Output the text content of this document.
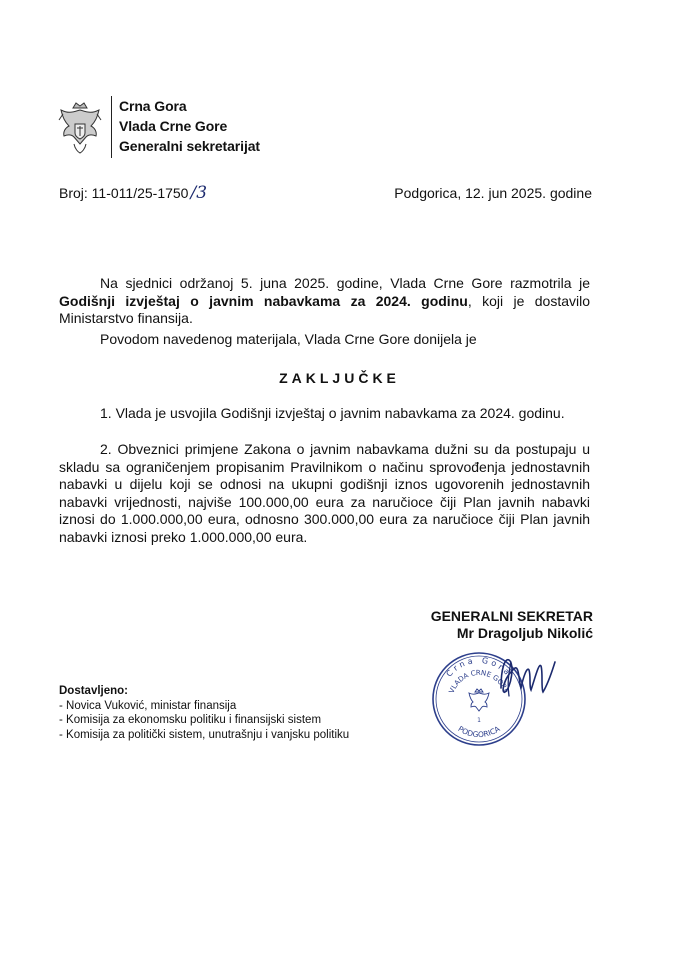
Crna Gora
Vlada Crne Gore
Generalni sekretarijat
Broj: 11-011/25-1750 /3	Podgorica, 12. jun 2025. godine
Na sjednici održanoj 5. juna 2025. godine, Vlada Crne Gore razmotrila je Godišnji izvještaj o javnim nabavkama za 2024. godinu, koji je dostavilo Ministarstvo finansija.
Povodom navedenog materijala, Vlada Crne Gore donijela je
ZAKLJUČKE
1. Vlada je usvojila Godišnji izvještaj o javnim nabavkama za 2024. godinu.
2. Obveznici primjene Zakona o javnim nabavkama dužni su da postupaju u skladu sa ograničenjem propisanim Pravilnikom o načinu sprovođenja jednostavnih nabavki u dijelu koji se odnosi na ukupni godišnji iznos ugovorenih jednostavnih nabavki vrijednosti, najviše 100.000,00 eura za naručioce čiji Plan javnih nabavki iznosi do 1.000.000,00 eura, odnosno 300.000,00 eura za naručioce čiji Plan javnih nabavki iznosi preko 1.000.000,00 eura.
GENERALNI SEKRETAR
Mr Dragoljub Nikolić
Crna Gora
VLADA CRNE GORE
PODGORICA
1
Dostavljeno:
- Novica Vuković, ministar finansija
- Komisija za ekonomsku politiku i finansijski sistem
- Komisija za politički sistem, unutrašnju i vanjsku politiku
